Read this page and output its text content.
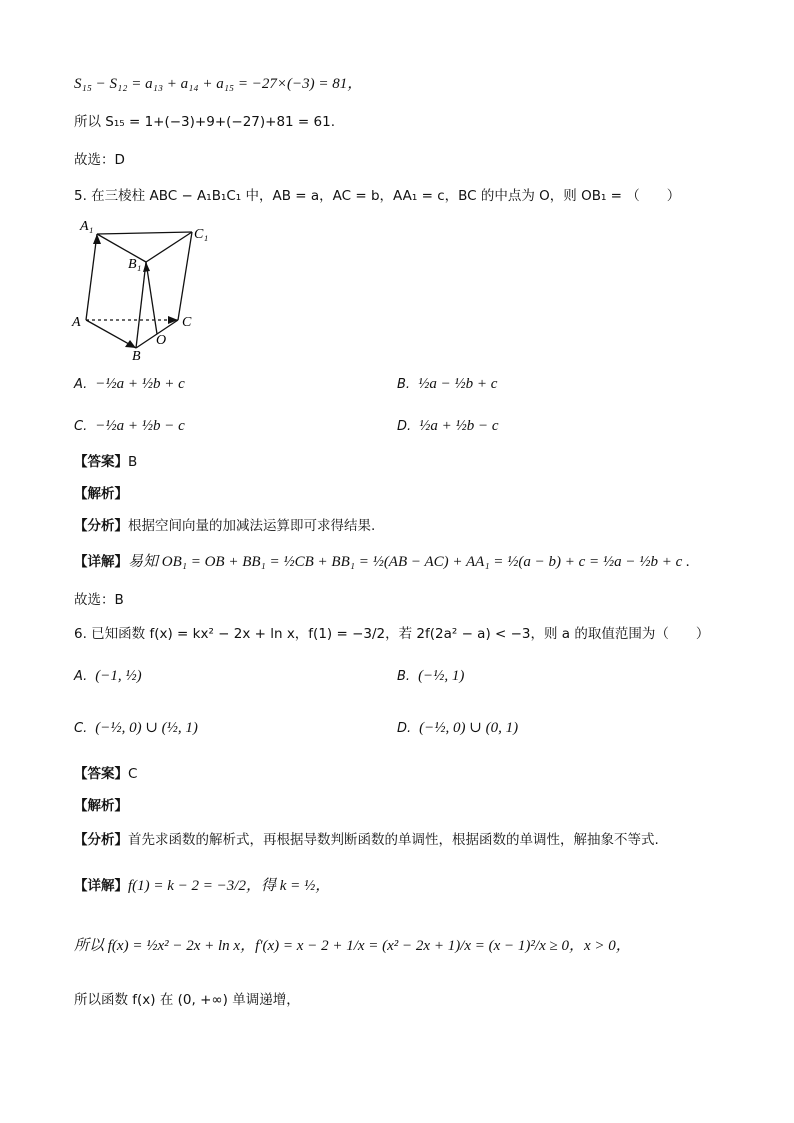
S₁₅ − S₁₂ = a₁₃ + a₁₄ + a₁₅ = −27×(−3) = 81，
所以 S₁₅ = 1+(−3)+9+(−27)+81 = 61.
故选：D
5. 在三棱柱 ABC − A₁B₁C₁ 中，AB = a，AC = b，AA₁ = c，BC 的中点为 O，则 OB₁ = （　　）
A₁
C₁
B₁
A	C
B
O
A. −½a + ½b + c	B. ½a − ½b + c
C. −½a + ½b − c	D. ½a + ½b − c
【答案】B
【解析】
【分析】根据空间向量的加减法运算即可求得结果.
【详解】易知 OB₁ = OB + BB₁ = ½CB + BB₁ = ½(AB − AC) + AA₁ = ½(a − b) + c = ½a − ½b + c .
故选：B
6. 已知函数 f(x) = kx² − 2x + ln x，f(1) = −3/2，若 2f(2a² − a) < −3，则 a 的取值范围为（　　）
A. (−1, ½)	B. (−½, 1)
C. (−½, 0) ∪ (½, 1)	D. (−½, 0) ∪ (0, 1)
【答案】C
【解析】
【分析】首先求函数的解析式，再根据导数判断函数的单调性，根据函数的单调性，解抽象不等式.
【详解】f(1) = k − 2 = −3/2，得 k = ½，
所以 f(x) = ½x² − 2x + ln x，f′(x) = x − 2 + 1/x = (x² − 2x + 1)/x = (x − 1)²/x ≥ 0，x > 0，
所以函数 f(x) 在 (0, +∞) 单调递增，
